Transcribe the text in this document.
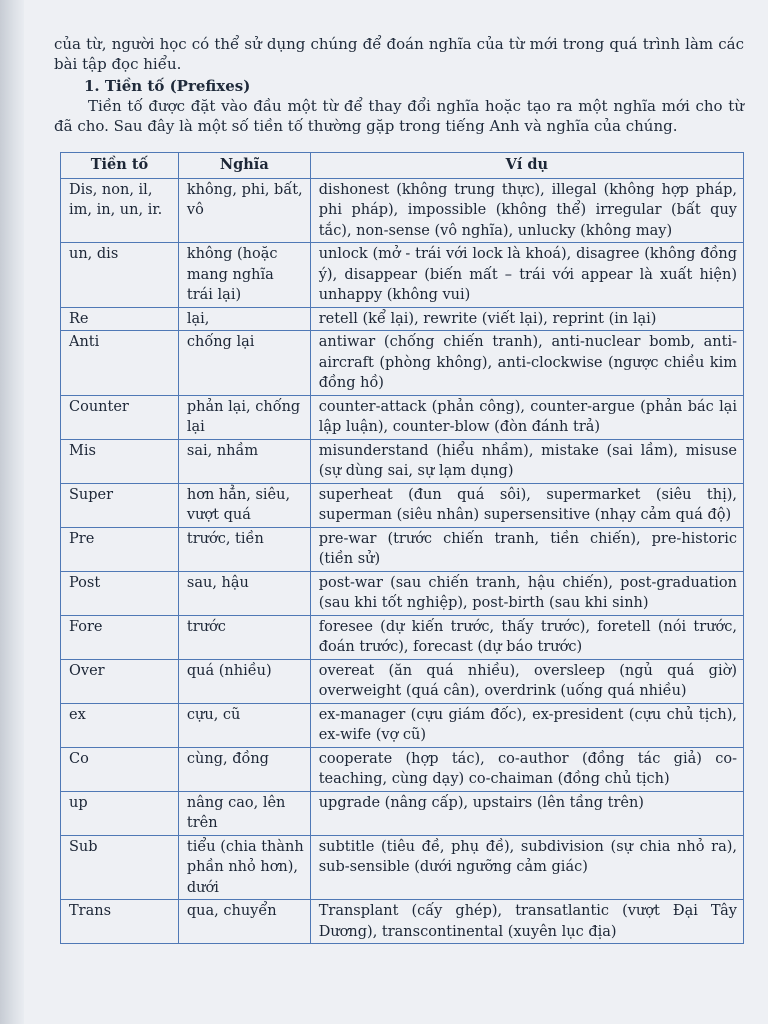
của từ, người học có thể sử dụng chúng để đoán nghĩa của từ mới trong quá trình làm các bài tập đọc hiểu.

1. Tiền tố (Prefixes)

Tiền tố được đặt vào đầu một từ để thay đổi nghĩa hoặc tạo ra một nghĩa mới cho từ đã cho. Sau đây là một số tiền tố thường gặp trong tiếng Anh và nghĩa của chúng.

Tiền tố	Nghĩa	Ví dụ
Dis, non, il, im, in, un, ir.	không, phi, bất, vô	dishonest (không trung thực), illegal (không hợp pháp, phi pháp), impossible (không thể) irregular (bất quy tắc), non-sense (vô nghĩa), unlucky (không may)
un, dis	không (hoặc mang nghĩa trái lại)	unlock (mở - trái với lock là khoá), disagree (không đồng ý), disappear (biến mất – trái với appear là xuất hiện) unhappy (không vui)
Re	lại,	retell (kể lại), rewrite (viết lại), reprint (in lại)
Anti	chống lại	antiwar (chống chiến tranh), anti-nuclear bomb, anti-aircraft (phòng không), anti-clockwise (ngược chiều kim đồng hồ)
Counter	phản lại, chống lại	counter-attack (phản công), counter-argue (phản bác lại lập luận), counter-blow (đòn đánh trả)
Mis	sai, nhầm	misunderstand (hiểu nhầm), mistake (sai lầm), misuse (sự dùng sai, sự lạm dụng)
Super	hơn hẳn, siêu, vượt quá	superheat (đun quá sôi), supermarket (siêu thị), superman (siêu nhân) supersensitive (nhạy cảm quá độ)
Pre	trước, tiền	pre-war (trước chiến tranh, tiền chiến), pre-historic (tiền sử)
Post	sau, hậu	post-war (sau chiến tranh, hậu chiến), post-graduation (sau khi tốt nghiệp), post-birth (sau khi sinh)
Fore	trước	foresee (dự kiến trước, thấy trước), foretell (nói trước, đoán trước), forecast (dự báo trước)
Over	quá (nhiều)	overeat (ăn quá nhiều), oversleep (ngủ quá giờ) overweight (quá cân), overdrink (uống quá nhiều)
ex	cựu, cũ	ex-manager (cựu giám đốc), ex-president (cựu chủ tịch), ex-wife (vợ cũ)
Co	cùng, đồng	cooperate (hợp tác), co-author (đồng tác giả) co-teaching, cùng dạy) co-chaiman (đồng chủ tịch)
up	nâng cao, lên trên	upgrade (nâng cấp), upstairs (lên tầng trên)
Sub	tiểu (chia thành phần nhỏ hơn), dưới	subtitle (tiêu đề, phụ đề), subdivision (sự chia nhỏ ra), sub-sensible (dưới ngưỡng cảm giác)
Trans	qua, chuyển	Transplant (cấy ghép), transatlantic (vượt Đại Tây Dương), transcontinental (xuyên lục địa)
